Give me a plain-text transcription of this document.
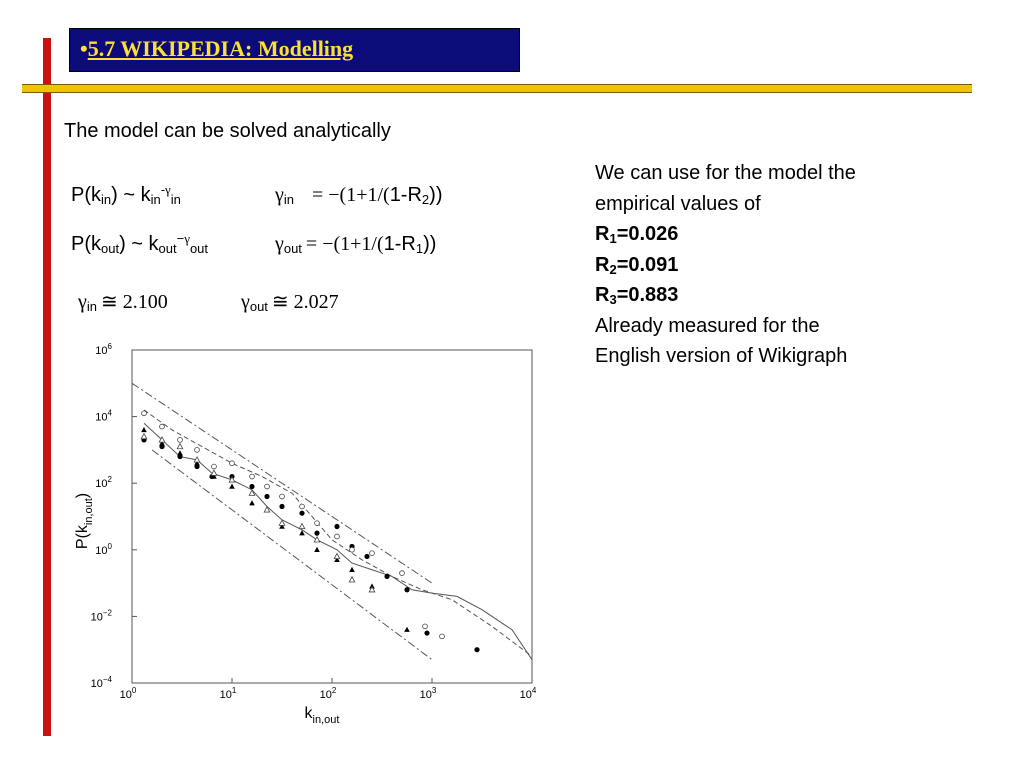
•5.7 WIKIPEDIA: Modelling
The model can be solved analytically
$P(k_{in})$ ~ $k_{in}^{-\gamma}_{in}$	$\gamma_{in} = -(1+1/(1-R_2))$
$P(k_{out})$ ~ $k_{out}^{-\gamma}_{out}$	$\gamma_{out} = -(1+1/(1-R_1))$
$\gamma_{in}$ ≅ 2.100	$\gamma_{out}$ ≅ 2.027
We can use for the model the
empirical values of
$R_1=0.026$
$R_2=0.091$
$R_3=0.883$
Already measured for the
English version of Wikigraph
$10^0$	$10^1$	$10^2$	$10^3$	$10^4$
$10^{-4}$
$10^{-2}$
$10^0$
$10^2$
$10^4$
$10^6$
$k_{in,out}$
$P(k_{in,out})$
